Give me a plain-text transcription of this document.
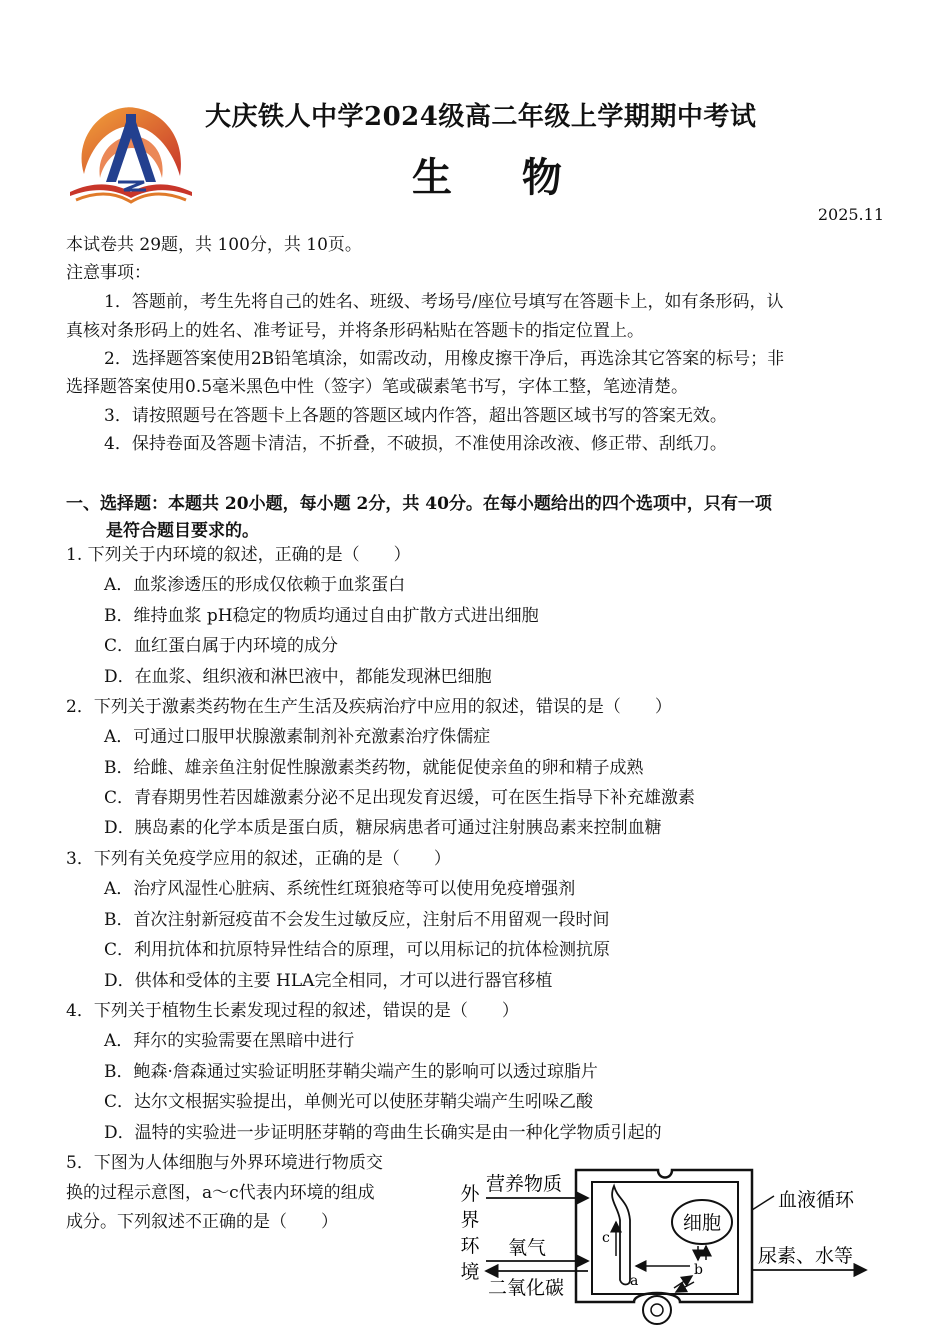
大庆铁人中学2024级高二年级上学期期中考试
生 物
2025.11
本试卷共 29题，共 100分，共 10页。
注意事项：
1．答题前，考生先将自己的姓名、班级、考场号/座位号填写在答题卡上，如有条形码，认
真核对条形码上的姓名、准考证号，并将条形码粘贴在答题卡的指定位置上。
2．选择题答案使用2B铅笔填涂，如需改动，用橡皮擦干净后，再选涂其它答案的标号；非
选择题答案使用0.5毫米黑色中性（签字）笔或碳素笔书写，字体工整，笔迹清楚。
3．请按照题号在答题卡上各题的答题区域内作答，超出答题区域书写的答案无效。
4．保持卷面及答题卡清洁，不折叠，不破损，不准使用涂改液、修正带、刮纸刀。
一、选择题：本题共 20小题，每小题 2分，共 40分。在每小题给出的四个选项中，只有一项
是符合题目要求的。
1. 下列关于内环境的叙述，正确的是（　　）
A．血浆渗透压的形成仅依赖于血浆蛋白
B．维持血浆 pH稳定的物质均通过自由扩散方式进出细胞
C．血红蛋白属于内环境的成分
D．在血浆、组织液和淋巴液中，都能发现淋巴细胞
2．下列关于激素类药物在生产生活及疾病治疗中应用的叙述，错误的是（　　）
A．可通过口服甲状腺激素制剂补充激素治疗侏儒症
B．给雌、雄亲鱼注射促性腺激素类药物，就能促使亲鱼的卵和精子成熟
C．青春期男性若因雄激素分泌不足出现发育迟缓，可在医生指导下补充雄激素
D．胰岛素的化学本质是蛋白质，糖尿病患者可通过注射胰岛素来控制血糖
3．下列有关免疫学应用的叙述，正确的是（　　）
A．治疗风湿性心脏病、系统性红斑狼疮等可以使用免疫增强剂
B．首次注射新冠疫苗不会发生过敏反应，注射后不用留观一段时间
C．利用抗体和抗原特异性结合的原理，可以用标记的抗体检测抗原
D．供体和受体的主要 HLA完全相同，才可以进行器官移植
4．下列关于植物生长素发现过程的叙述，错误的是（　　）
A．拜尔的实验需要在黑暗中进行
B．鲍森·詹森通过实验证明胚芽鞘尖端产生的影响可以透过琼脂片
C．达尔文根据实验提出，单侧光可以使胚芽鞘尖端产生吲哚乙酸
D．温特的实验进一步证明胚芽鞘的弯曲生长确实是由一种化学物质引起的
5．下图为人体细胞与外界环境进行物质交
换的过程示意图，a～c代表内环境的组成
成分。下列叙述不正确的是（　　）	细胞
a
b
c
外
界
环
境
营养物质
氧气
二氧化碳
血液循环
尿素、水等
